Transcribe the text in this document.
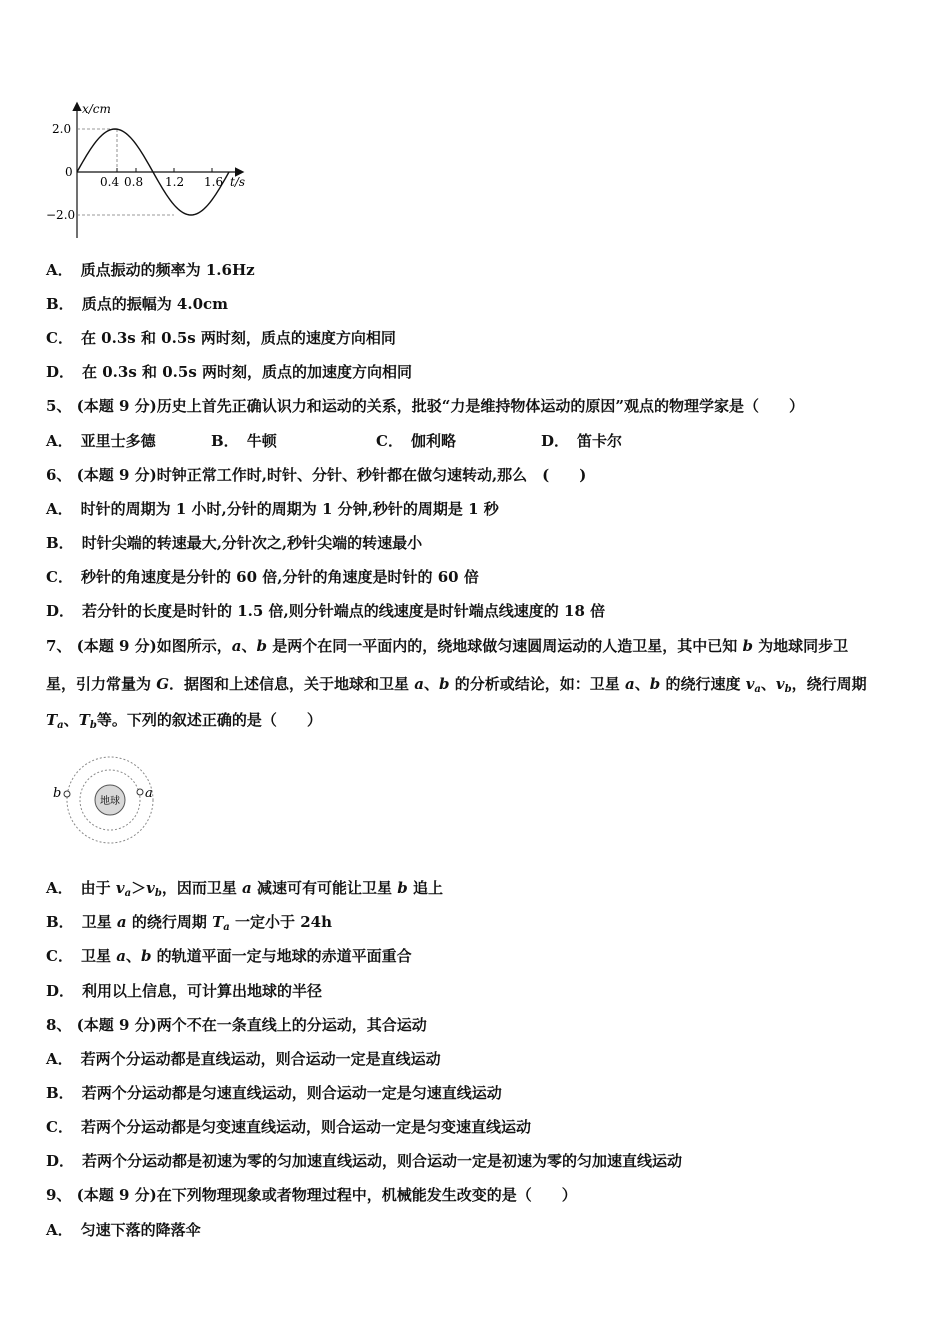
x/cm
t/s
2.0
0
−2.0
0.4 0.8 1.2 1.6
A． 质点振动的频率为 1.6Hz
B． 质点的振幅为 4.0cm
C． 在 0.3s 和 0.5s 两时刻，质点的速度方向相同
D． 在 0.3s 和 0.5s 两时刻，质点的加速度方向相同
5、 (本题 9 分)历史上首先正确认识力和运动的关系，批驳“力是维持物体运动的原因”观点的物理学家是（　　）
A． 亚里士多德	B． 牛顿	C． 伽利略	D． 笛卡尔
6、 (本题 9 分)时钟正常工作时,时针、分针、秒针都在做匀速转动,那么　(　　)
A． 时针的周期为 1 小时,分针的周期为 1 分钟,秒针的周期是 1 秒
B． 时针尖端的转速最大,分针次之,秒针尖端的转速最小
C． 秒针的角速度是分针的 60 倍,分针的角速度是时针的 60 倍
D． 若分针的长度是时针的 1.5 倍,则分针端点的线速度是时针端点线速度的 18 倍
7、 (本题 9 分)如图所示，a、b 是两个在同一平面内的，绕地球做匀速圆周运动的人造卫星，其中已知 b 为地球同步卫
星，引力常量为 G．据图和上述信息，关于地球和卫星 a、b 的分析或结论，如：卫星 a、b 的绕行速度 $v_a$、$v_b$，绕行周期
$T_a$、$T_b$等。下列的叙述正确的是（　　）
地球
a
b
A． 由于 $v_a>v_b$，因而卫星 a 减速可有可能让卫星 b 追上
B． 卫星 a 的绕行周期 $T_a$ 一定小于 24h
C． 卫星 a、b 的轨道平面一定与地球的赤道平面重合
D． 利用以上信息，可计算出地球的半径
8、 (本题 9 分)两个不在一条直线上的分运动，其合运动
A． 若两个分运动都是直线运动，则合运动一定是直线运动
B． 若两个分运动都是匀速直线运动，则合运动一定是匀速直线运动
C． 若两个分运动都是匀变速直线运动，则合运动一定是匀变速直线运动
D． 若两个分运动都是初速为零的匀加速直线运动，则合运动一定是初速为零的匀加速直线运动
9、 (本题 9 分)在下列物理现象或者物理过程中，机械能发生改变的是（　　）
A． 匀速下落的降落伞
